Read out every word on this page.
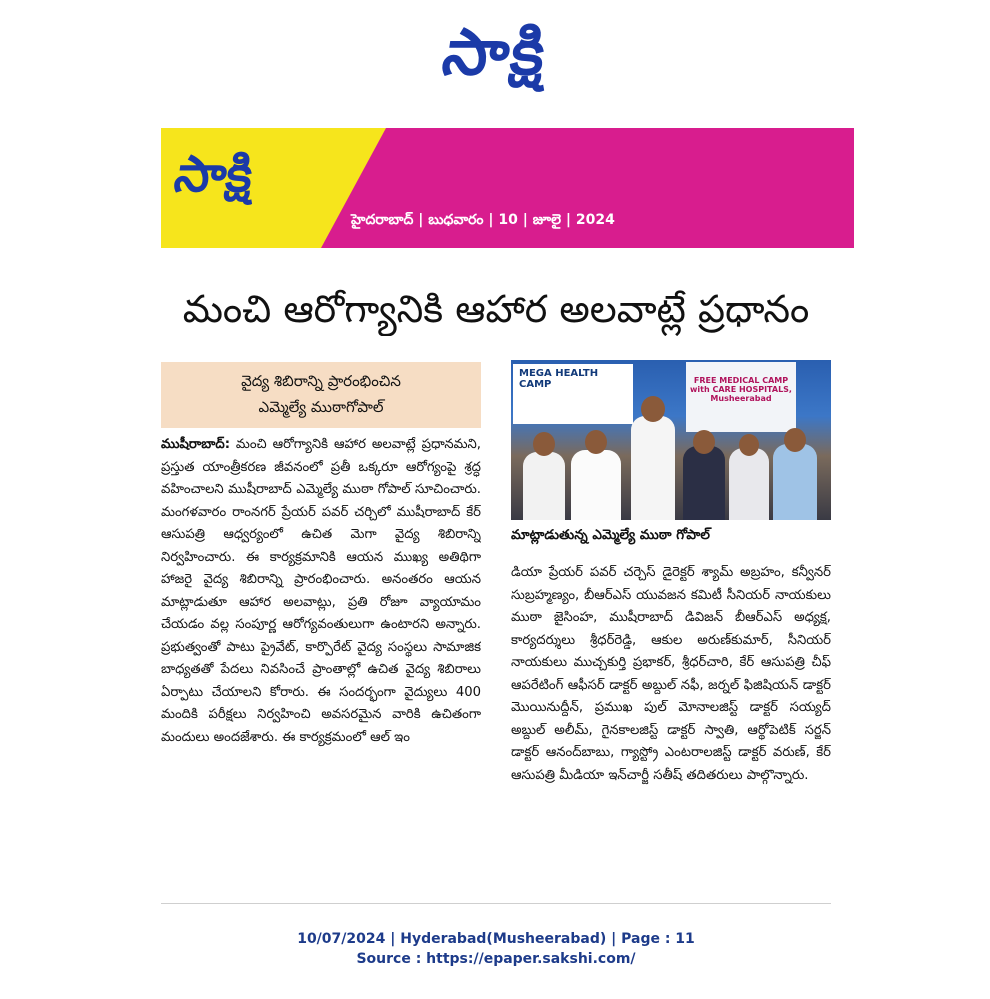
సాక్షి
సాక్షి
హైదరాబాద్ | బుధవారం | 10 | జూలై | 2024
మంచి ఆరోగ్యానికి ఆహార అలవాట్లే ప్రధానం
వైద్య శిబిరాన్ని ప్రారంభించిన
ఎమ్మెల్యే ముఠాగోపాల్
ముషీరాబాద్: మంచి ఆరోగ్యానికి ఆహార అలవాట్లే ప్రధానమని, ప్రస్తుత యాంత్రీకరణ జీవనంలో ప్రతీ ఒక్కరూ ఆరోగ్యంపై శ్రద్ధ వహించాలని ముషీరాబాద్ ఎమ్మెల్యే ముఠా గోపాల్ సూచించారు. మంగళవారం రాంనగర్ ప్రేయర్ పవర్ చర్చిలో ముషీరాబాద్ కేర్ ఆసుపత్రి ఆధ్వర్యంలో ఉచిత మెగా వైద్య శిబిరాన్ని నిర్వహించారు. ఈ కార్యక్రమానికి ఆయన ముఖ్య అతిథిగా హాజరై వైద్య శిబిరాన్ని ప్రారంభించారు. అనంతరం ఆయన మాట్లాడుతూ ఆహార అలవాట్లు, ప్రతి రోజూ వ్యాయామం చేయడం వల్ల సంపూర్ణ ఆరోగ్యవంతులుగా ఉంటారని అన్నారు. ప్రభుత్వంతో పాటు ప్రైవేట్, కార్పొరేట్ వైద్య సంస్థలు సామాజిక బాధ్యతతో పేదలు నివసించే ప్రాంతాల్లో ఉచిత వైద్య శిబిరాలు ఏర్పాటు చేయాలని కోరారు. ఈ సందర్భంగా వైద్యులు 400 మందికి పరీక్షలు నిర్వహించి అవసరమైన వారికి ఉచితంగా మందులు అందజేశారు. ఈ కార్యక్రమంలో ఆల్ ఇం
MEGA HEALTH CAMP	FREE MEDICAL CAMP
with CARE HOSPITALS, Musheerabad
మాట్లాడుతున్న ఎమ్మెల్యే ముఠా గోపాల్
డియా ప్రేయర్ పవర్ చర్చెస్ డైరెక్టర్ శ్యామ్ అబ్రహం, కన్వీనర్ సుబ్రహ్మణ్యం, బీఆర్ఎస్ యువజన కమిటీ సీనియర్ నాయకులు ముఠా జైసింహ, ముషీరాబాద్ డివిజన్ బీఆర్ఎస్ అధ్యక్ష, కార్యదర్శులు శ్రీధర్‌రెడ్డి, ఆకుల అరుణ్‌కుమార్, సీనియర్ నాయకులు ముచ్చకుర్తి ప్రభాకర్, శ్రీధర్‌చారి, కేర్ ఆసుపత్రి చీఫ్ ఆపరేటింగ్ ఆఫీసర్ డాక్టర్ అబ్దుల్ నఫీ, జర్నల్ ఫిజిషియన్ డాక్టర్ మొయినుద్దీన్, ప్రముఖ పుల్ మోనాలజిస్ట్ డాక్టర్ సయ్యద్ అబ్దుల్ అలీమ్, గైనకాలజిస్ట్ డాక్టర్ స్వాతి, ఆర్థోపెటిక్ సర్జన్ డాక్టర్ ఆనంద్‌బాబు, గ్యాస్ట్రో ఎంటరాలజిస్ట్ డాక్టర్ వరుణ్, కేర్ ఆసుపత్రి మీడియా ఇన్‌చార్జీ సతీష్ తదితరులు పాల్గొన్నారు.
10/07/2024 | Hyderabad(Musheerabad) | Page : 11
Source : https://epaper.sakshi.com/
